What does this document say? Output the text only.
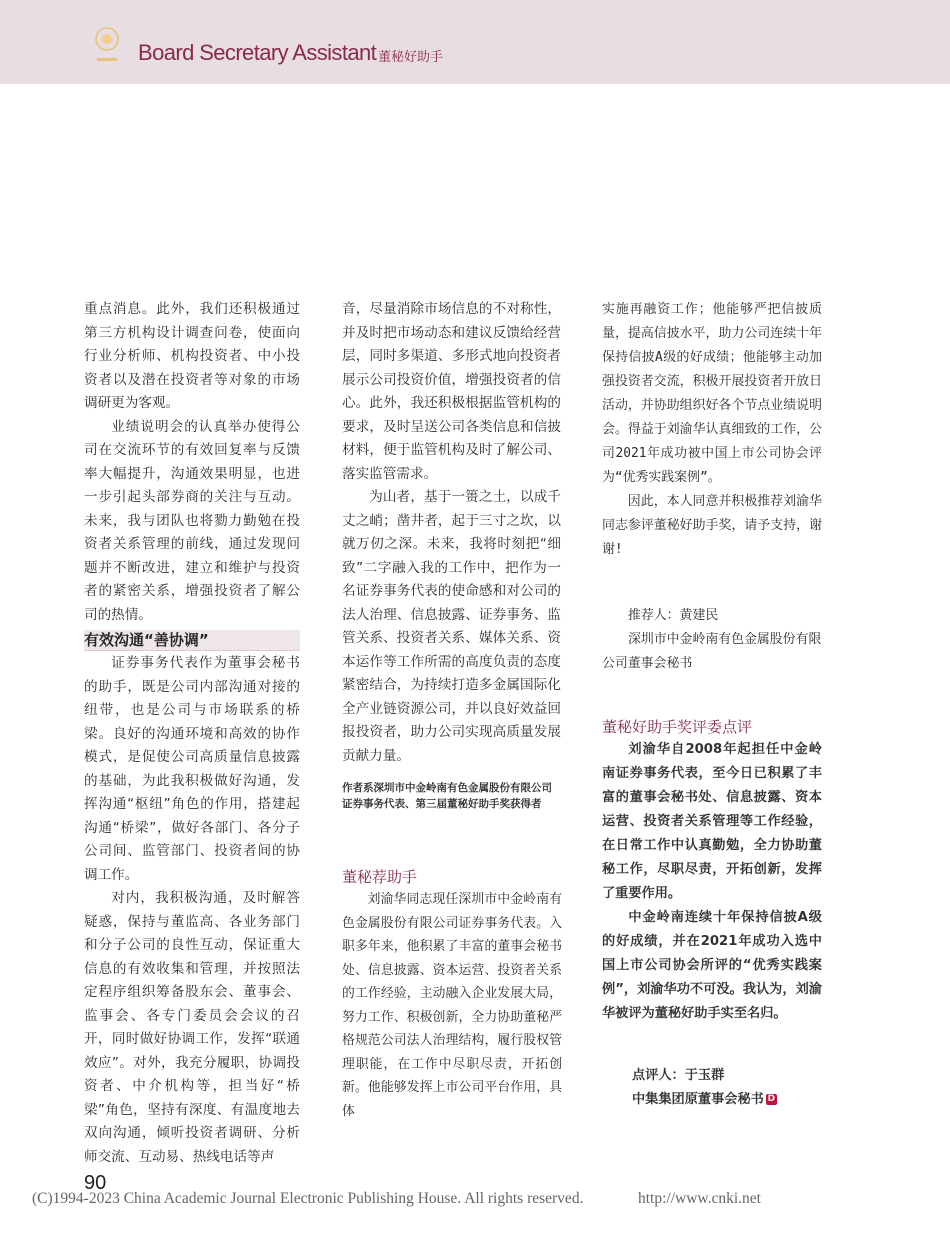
Board Secretary Assistant 董秘好助手

重点消息。此外，我们还积极通过第三方机构设计调查问卷，使面向行业分析师、机构投资者、中小投资者以及潜在投资者等对象的市场调研更为客观。

业绩说明会的认真举办使得公司在交流环节的有效回复率与反馈率大幅提升，沟通效果明显，也进一步引起头部券商的关注与互动。未来，我与团队也将勠力勤勉在投资者关系管理的前线，通过发现问题并不断改进，建立和维护与投资者的紧密关系，增强投资者了解公司的热情。

有效沟通“善协调”

证券事务代表作为董事会秘书的助手，既是公司内部沟通对接的纽带，也是公司与市场联系的桥梁。良好的沟通环境和高效的协作模式，是促使公司高质量信息披露的基础，为此我积极做好沟通，发挥沟通“枢纽”角色的作用，搭建起沟通“桥梁”，做好各部门、各分子公司间、监管部门、投资者间的协调工作。

对内，我积极沟通，及时解答疑惑，保持与董监高、各业务部门和分子公司的良性互动，保证重大信息的有效收集和管理，并按照法定程序组织筹备股东会、董事会、监事会、各专门委员会会议的召开，同时做好协调工作，发挥“联通效应”。对外，我充分履职，协调投资者、中介机构等，担当好“桥梁”角色，坚持有深度、有温度地去双向沟通，倾听投资者调研、分析师交流、互动易、热线电话等声

音，尽量消除市场信息的不对称性，并及时把市场动态和建议反馈给经营层，同时多渠道、多形式地向投资者展示公司投资价值，增强投资者的信心。此外，我还积极根据监管机构的要求，及时呈送公司各类信息和信披材料，便于监管机构及时了解公司、落实监管需求。

为山者，基于一篑之土，以成千丈之峭；凿井者，起于三寸之坎，以就万仞之深。未来，我将时刻把“细致”二字融入我的工作中，把作为一名证券事务代表的使命感和对公司的法人治理、信息披露、证券事务、监管关系、投资者关系、媒体关系、资本运作等工作所需的高度负责的态度紧密结合，为持续打造多金属国际化全产业链资源公司，并以良好效益回报投资者，助力公司实现高质量发展贡献力量。

作者系深圳市中金岭南有色金属股份有限公司证券事务代表、第三届董秘好助手奖获得者
董秘荐助手

刘渝华同志现任深圳市中金岭南有色金属股份有限公司证券事务代表。入职多年来，他积累了丰富的董事会秘书处、信息披露、资本运营、投资者关系的工作经验，主动融入企业发展大局，努力工作、积极创新，全力协助董秘严格规范公司法人治理结构，履行股权管理职能，在工作中尽职尽责，开拓创新。他能够发挥上市公司平台作用，具体

实施再融资工作；他能够严把信披质量，提高信披水平，助力公司连续十年保持信披A级的好成绩；他能够主动加强投资者交流，积极开展投资者开放日活动，并协助组织好各个节点业绩说明会。得益于刘渝华认真细致的工作，公司2021年成功被中国上市公司协会评为“优秀实践案例”。

因此，本人同意并积极推荐刘渝华同志参评董秘好助手奖，请予支持，谢谢!

推荐人：黄建民
深圳市中金岭南有色金属股份有限公司董事会秘书
董秘好助手奖评委点评

刘渝华自2008年起担任中金岭南证券事务代表，至今日已积累了丰富的董事会秘书处、信息披露、资本运营、投资者关系管理等工作经验，在日常工作中认真勤勉，全力协助董秘工作，尽职尽责，开拓创新，发挥了重要作用。

中金岭南连续十年保持信披A级的好成绩，并在2021年成功入选中国上市公司协会所评的“优秀实践案例”，刘渝华功不可没。我认为，刘渝华被评为董秘好助手实至名归。

点评人：于玉群
中集集团原董事会秘书 D
90
(C)1994-2023 China Academic Journal Electronic Publishing House. All rights reserved.	http://www.cnki.net
